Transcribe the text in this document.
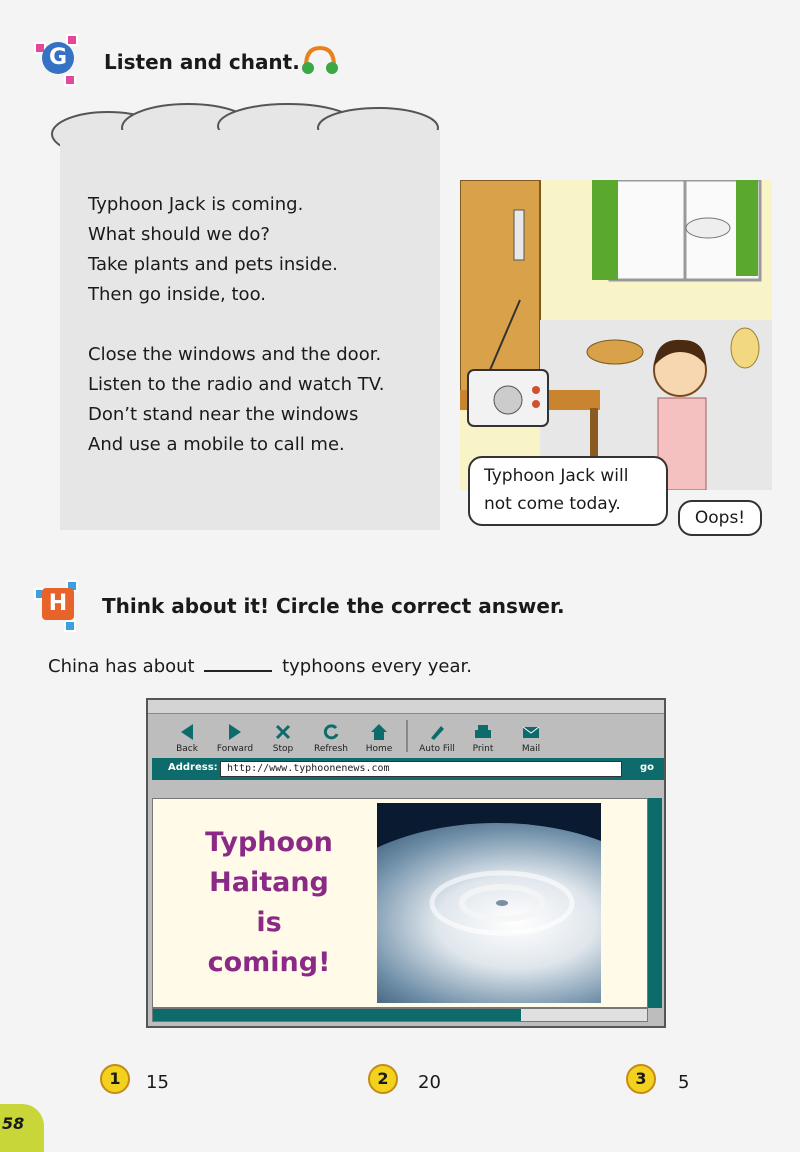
G	Listen and chant.

Typhoon Jack is coming.

What should we do?

Take plants and pets inside.

Then go inside, too.

Close the windows and the door.

Listen to the radio and watch TV.

Don’t stand near the windows

And use a mobile to call me.

Typhoon Jack will not come today.
Oops!
H	Think about it! Circle the correct answer.
China has about	typhoons every year.
Back	Forward	Stop	Refresh	Home	Auto Fill	Print	Mail
Address: http://www.typhoonenews.com	go
Typhoon
Haitang
is
coming!
1	15	2	20	3	5
58
